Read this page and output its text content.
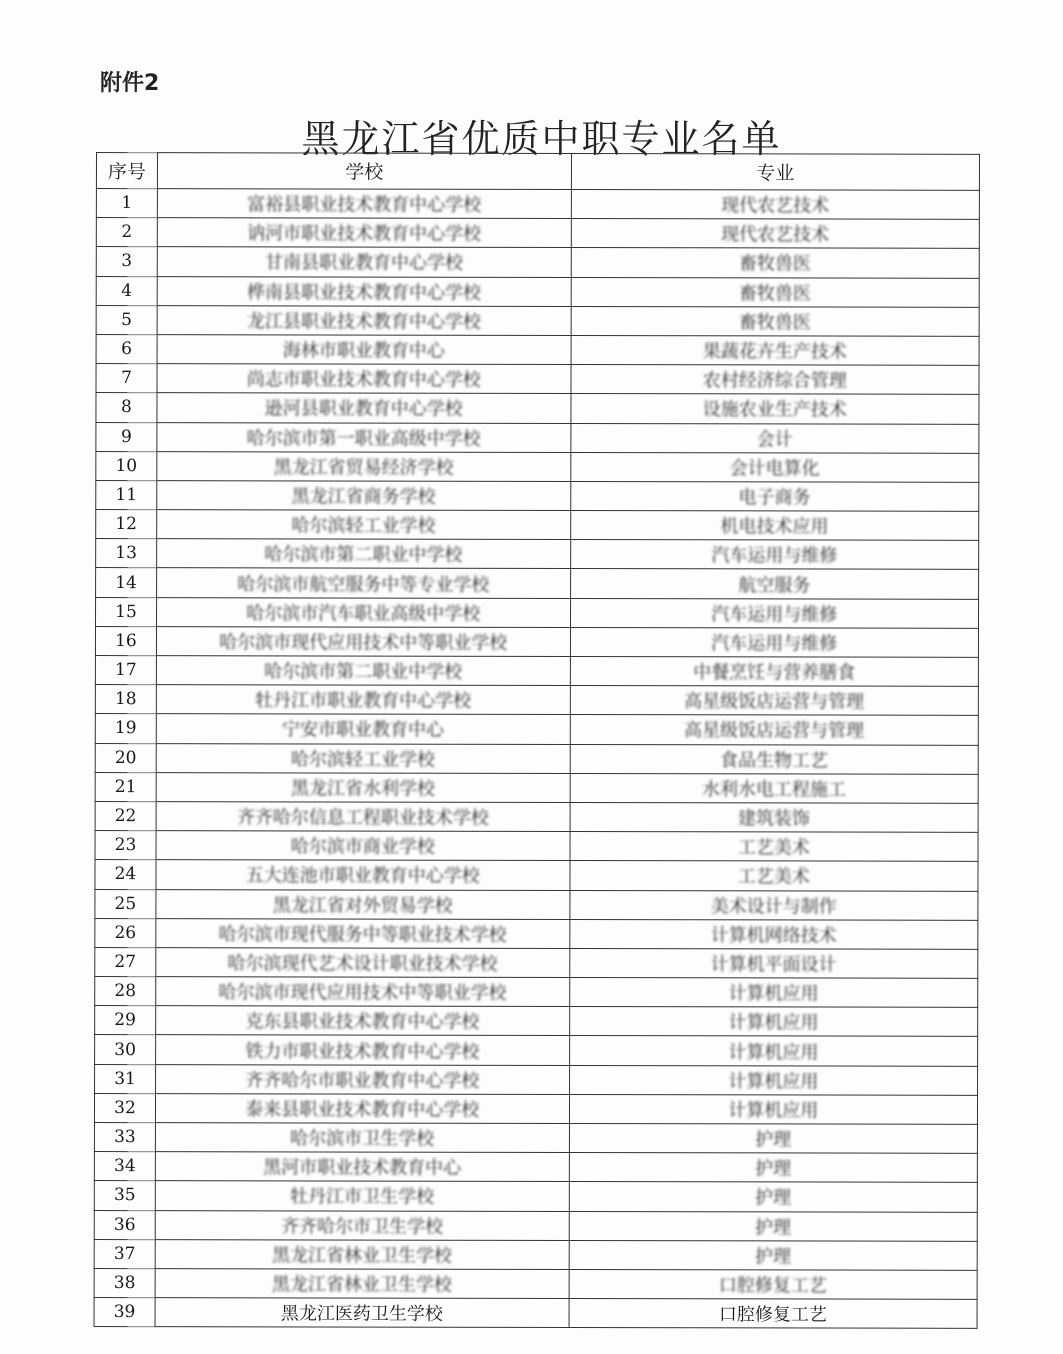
附件2
黑龙江省优质中职专业名单
序号	学校	专业
1	富裕县职业技术教育中心学校	现代农艺技术
2	讷河市职业技术教育中心学校	现代农艺技术
3	甘南县职业教育中心学校	畜牧兽医
4	桦南县职业技术教育中心学校	畜牧兽医
5	龙江县职业技术教育中心学校	畜牧兽医
6	海林市职业教育中心	果蔬花卉生产技术
7	尚志市职业技术教育中心学校	农村经济综合管理
8	逊河县职业教育中心学校	设施农业生产技术
9	哈尔滨市第一职业高级中学校	会计
10	黑龙江省贸易经济学校	会计电算化
11	黑龙江省商务学校	电子商务
12	哈尔滨轻工业学校	机电技术应用
13	哈尔滨市第二职业中学校	汽车运用与维修
14	哈尔滨市航空服务中等专业学校	航空服务
15	哈尔滨市汽车职业高级中学校	汽车运用与维修
16	哈尔滨市现代应用技术中等职业学校	汽车运用与维修
17	哈尔滨市第二职业中学校	中餐烹饪与营养膳食
18	牡丹江市职业教育中心学校	高星级饭店运营与管理
19	宁安市职业教育中心	高星级饭店运营与管理
20	哈尔滨轻工业学校	食品生物工艺
21	黑龙江省水利学校	水利水电工程施工
22	齐齐哈尔信息工程职业技术学校	建筑装饰
23	哈尔滨市商业学校	工艺美术
24	五大连池市职业教育中心学校	工艺美术
25	黑龙江省对外贸易学校	美术设计与制作
26	哈尔滨市现代服务中等职业技术学校	计算机网络技术
27	哈尔滨现代艺术设计职业技术学校	计算机平面设计
28	哈尔滨市现代应用技术中等职业学校	计算机应用
29	克东县职业技术教育中心学校	计算机应用
30	铁力市职业技术教育中心学校	计算机应用
31	齐齐哈尔市职业教育中心学校	计算机应用
32	泰来县职业技术教育中心学校	计算机应用
33	哈尔滨市卫生学校	护理
34	黑河市职业技术教育中心	护理
35	牡丹江市卫生学校	护理
36	齐齐哈尔市卫生学校	护理
37	黑龙江省林业卫生学校	护理
38	黑龙江省林业卫生学校	口腔修复工艺
39	黑龙江医药卫生学校	口腔修复工艺
